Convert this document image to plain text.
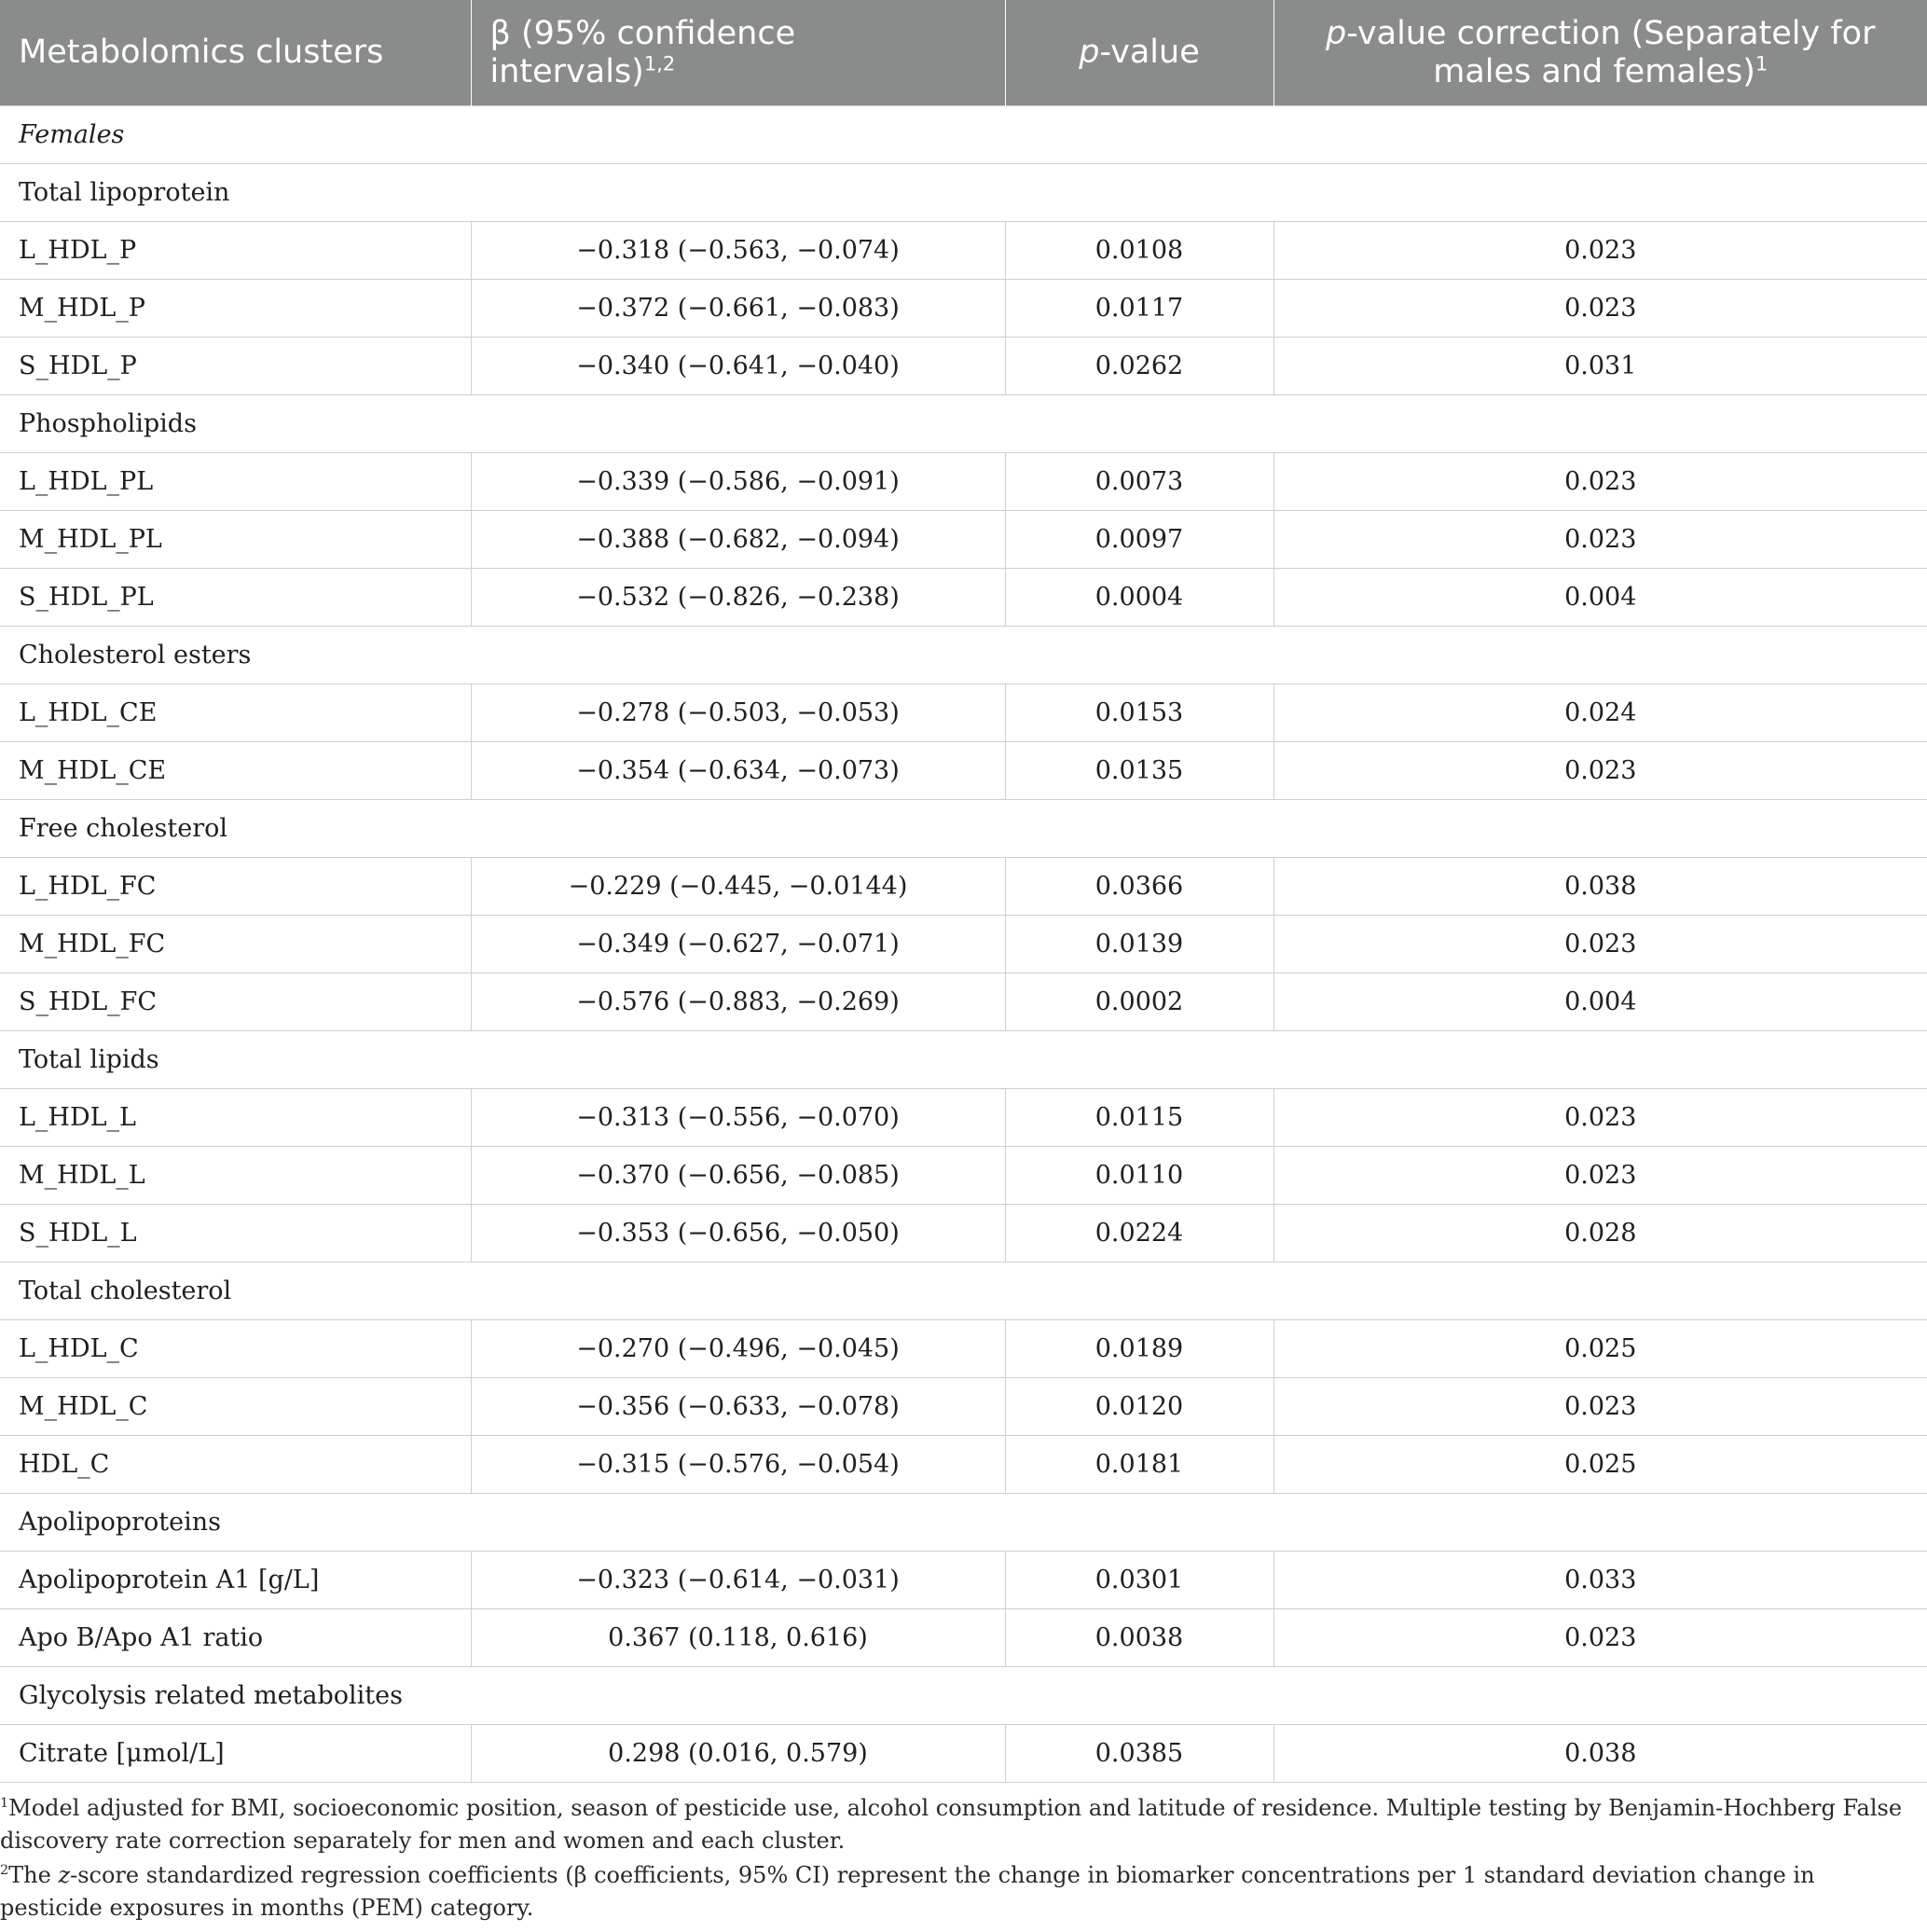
Metabolomics clusters	β (95% confidence intervals)$^{1,2}$	p-value	p-value correction (Separately for males and females)$^1$
Females			
Total lipoprotein			
L_HDL_P	−0.318 (−0.563, −0.074)	0.0108	0.023
M_HDL_P	−0.372 (−0.661, −0.083)	0.0117	0.023
S_HDL_P	−0.340 (−0.641, −0.040)	0.0262	0.031
Phospholipids			
L_HDL_PL	−0.339 (−0.586, −0.091)	0.0073	0.023
M_HDL_PL	−0.388 (−0.682, −0.094)	0.0097	0.023
S_HDL_PL	−0.532 (−0.826, −0.238)	0.0004	0.004
Cholesterol esters			
L_HDL_CE	−0.278 (−0.503, −0.053)	0.0153	0.024
M_HDL_CE	−0.354 (−0.634, −0.073)	0.0135	0.023
Free cholesterol			
L_HDL_FC	−0.229 (−0.445, −0.0144)	0.0366	0.038
M_HDL_FC	−0.349 (−0.627, −0.071)	0.0139	0.023
S_HDL_FC	−0.576 (−0.883, −0.269)	0.0002	0.004
Total lipids			
L_HDL_L	−0.313 (−0.556, −0.070)	0.0115	0.023
M_HDL_L	−0.370 (−0.656, −0.085)	0.0110	0.023
S_HDL_L	−0.353 (−0.656, −0.050)	0.0224	0.028
Total cholesterol			
L_HDL_C	−0.270 (−0.496, −0.045)	0.0189	0.025
M_HDL_C	−0.356 (−0.633, −0.078)	0.0120	0.023
HDL_C	−0.315 (−0.576, −0.054)	0.0181	0.025
Apolipoproteins			
Apolipoprotein A1 [g/L]	−0.323 (−0.614, −0.031)	0.0301	0.033
Apo B/Apo A1 ratio	0.367 (0.118, 0.616)	0.0038	0.023
Glycolysis related metabolites			
Citrate [μmol/L]	0.298 (0.016, 0.579)	0.0385	0.038

$^1$Model adjusted for BMI, socioeconomic position, season of pesticide use, alcohol consumption and latitude of residence. Multiple testing by Benjamin-Hochberg False discovery rate correction separately for men and women and each cluster.

$^2$The z-score standardized regression coefficients (β coefficients, 95% CI) represent the change in biomarker concentrations per 1 standard deviation change in pesticide exposures in months (PEM) category.
